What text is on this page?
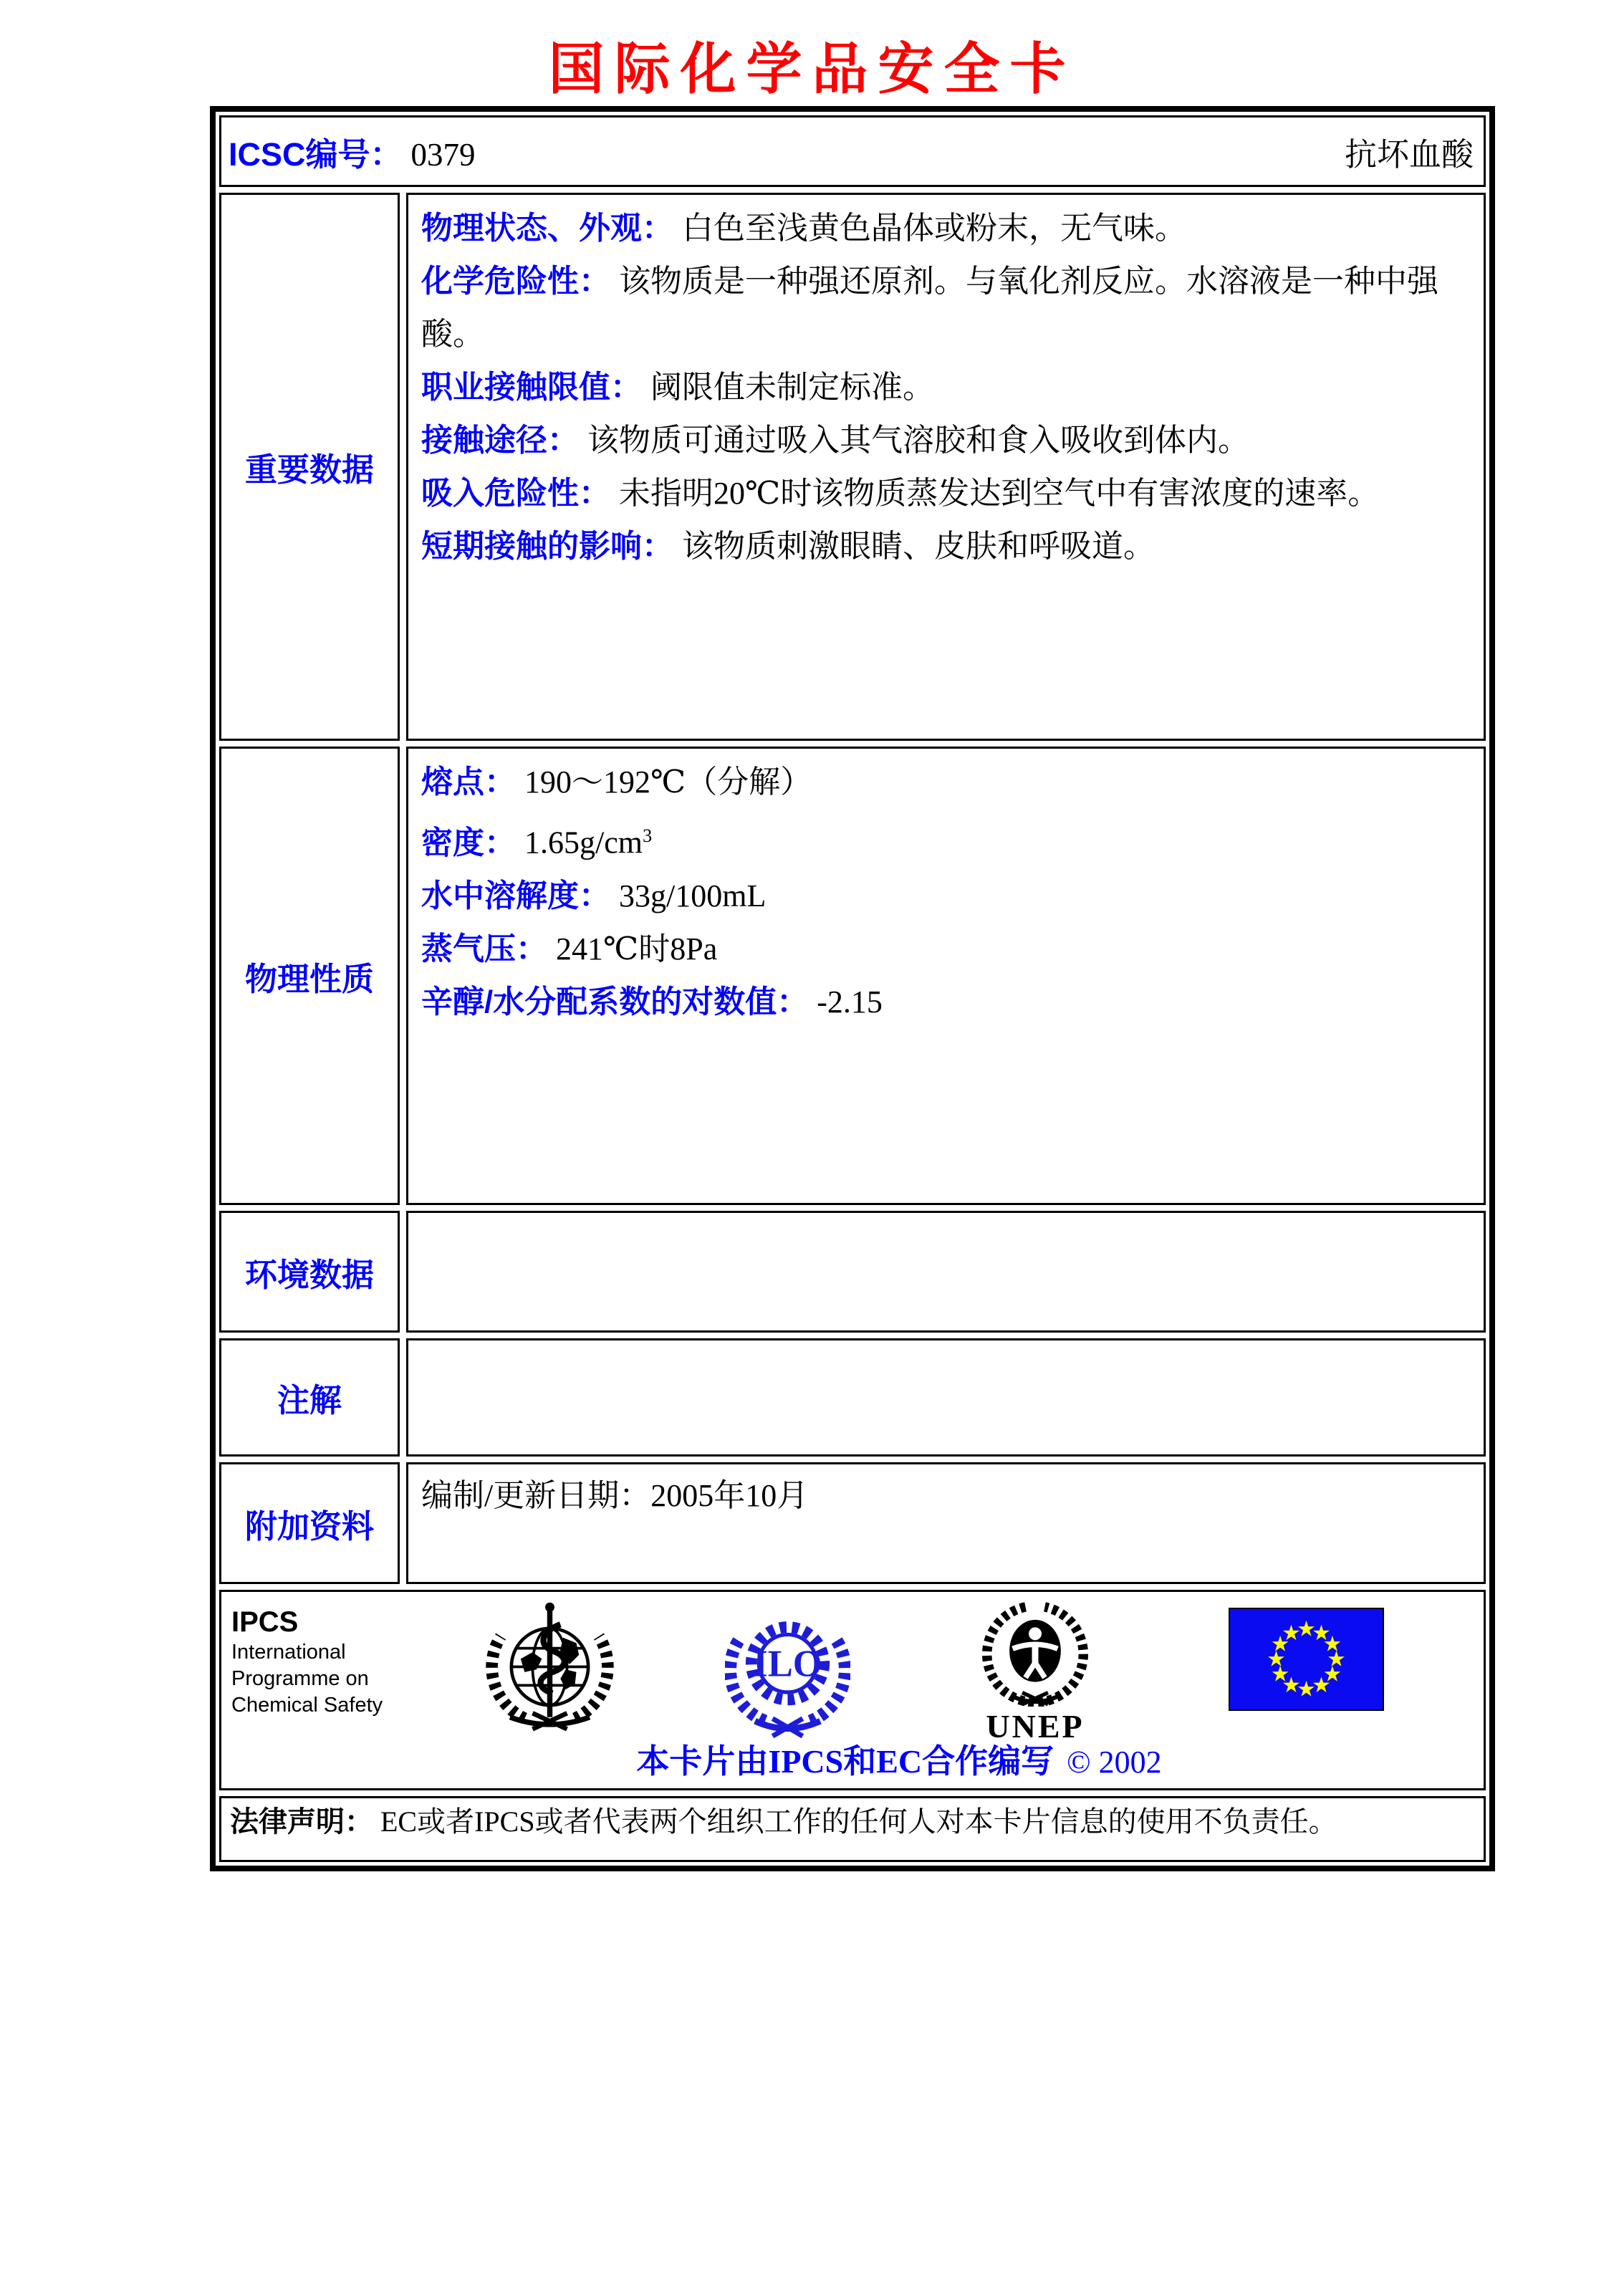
国际化学品安全卡
ICSC编号： 0379	抗坏血酸
重要数据
物理状态、外观： 白色至浅黄色晶体或粉末，无气味。
化学危险性： 该物质是一种强还原剂。与氧化剂反应。水溶液是一种中强酸。
职业接触限值： 阈限值未制定标准。
接触途径： 该物质可通过吸入其气溶胶和食入吸收到体内。
吸入危险性： 未指明20℃时该物质蒸发达到空气中有害浓度的速率。
短期接触的影响： 该物质刺激眼睛、皮肤和呼吸道。
物理性质
熔点： 190～192℃（分解）
密度： $1.65g/cm^3$
水中溶解度： 33g/100mL
蒸气压： 241℃时8Pa
辛醇/水分配系数的对数值： -2.15
环境数据
注解
附加资料
编制/更新日期：2005年10月
IPCS
International
Programme on
Chemical Safety
ILO
UNEP
本卡片由IPCS和EC合作编写 © 2002
法律声明： EC或者IPCS或者代表两个组织工作的任何人对本卡片信息的使用不负责任。
